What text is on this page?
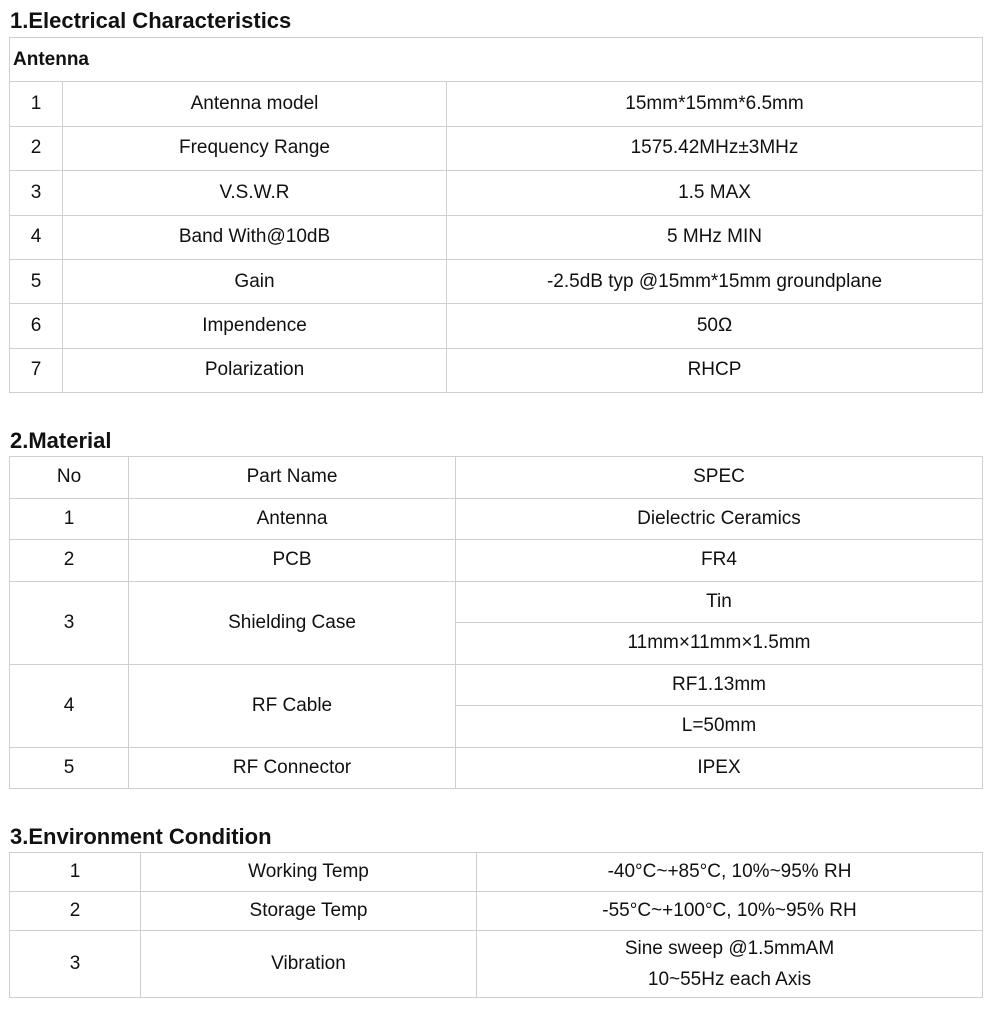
1.Electrical Characteristics
Antenna		
1	Antenna model	15mm*15mm*6.5mm
2	Frequency Range	1575.42MHz±3MHz
3	V.S.W.R	1.5 MAX
4	Band With@10dB	5 MHz MIN
5	Gain	-2.5dB typ @15mm*15mm groundplane
6	Impendence	50Ω
7	Polarization	RHCP
2.Material
No	Part Name	SPEC
1	Antenna	Dielectric Ceramics
2	PCB	FR4
3	Shielding Case	Tin
		11mm×11mm×1.5mm
4	RF Cable	RF1.13mm
		L=50mm
5	RF Connector	IPEX
3.Environment Condition
1	Working Temp	-40°C~+85°C, 10%~95% RH
2	Storage Temp	-55°C~+100°C, 10%~95% RH
3	Vibration	Sine sweep @1.5mmAM
10~55Hz each Axis
